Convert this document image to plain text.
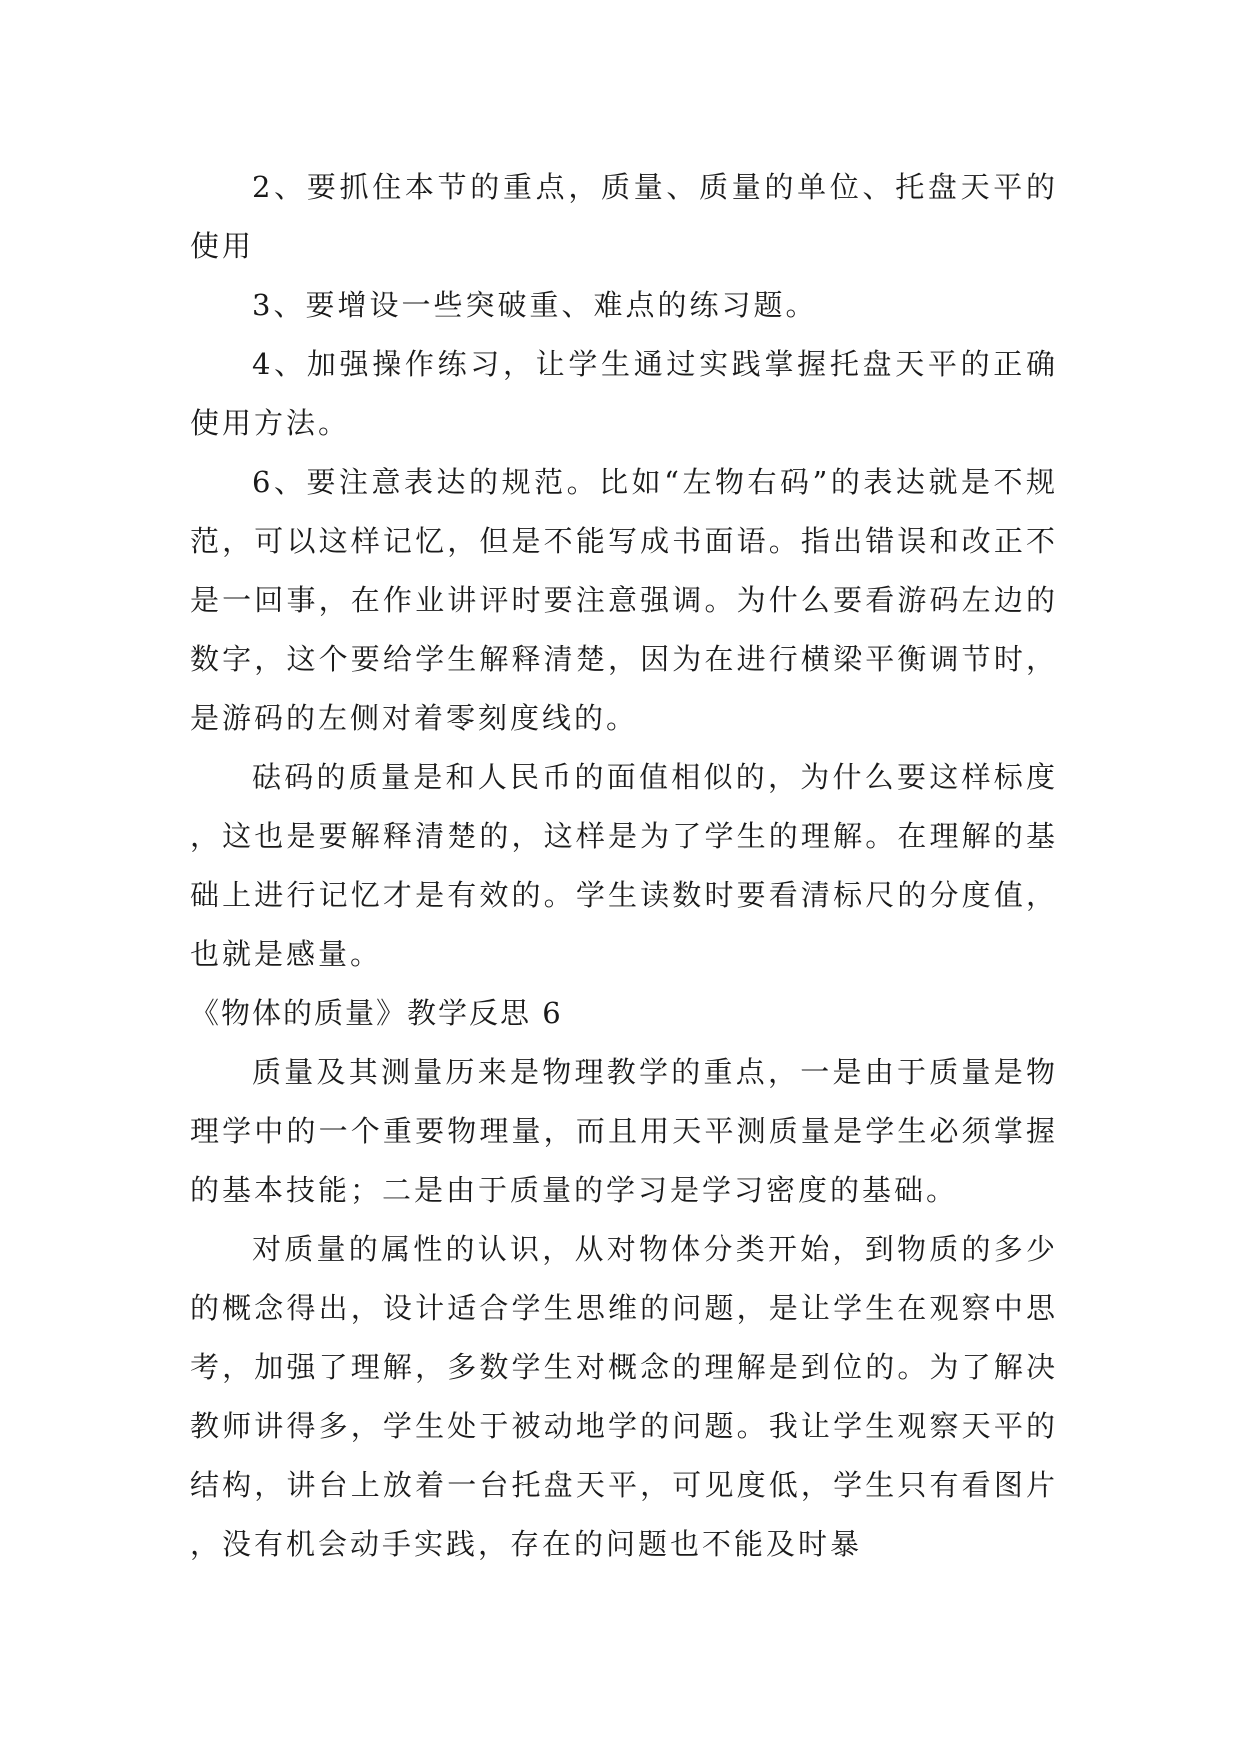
2、要抓住本节的重点，质量、质量的单位、托盘天平的使用

3、要增设一些突破重、难点的练习题。

4、加强操作练习，让学生通过实践掌握托盘天平的正确使用方法。

6、要注意表达的规范。比如“左物右码”的表达就是不规范，可以这样记忆，但是不能写成书面语。指出错误和改正不是一回事，在作业讲评时要注意强调。为什么要看游码左边的数字，这个要给学生解释清楚，因为在进行横梁平衡调节时，是游码的左侧对着零刻度线的。

砝码的质量是和人民币的面值相似的，为什么要这样标度，这也是要解释清楚的，这样是为了学生的理解。在理解的基础上进行记忆才是有效的。学生读数时要看清标尺的分度值，也就是感量。

《物体的质量》教学反思 6

质量及其测量历来是物理教学的重点，一是由于质量是物理学中的一个重要物理量，而且用天平测质量是学生必须掌握的基本技能；二是由于质量的学习是学习密度的基础。

对质量的属性的认识，从对物体分类开始，到物质的多少的概念得出，设计适合学生思维的问题，是让学生在观察中思考，加强了理解，多数学生对概念的理解是到位的。为了解决教师讲得多，学生处于被动地学的问题。我让学生观察天平的结构，讲台上放着一台托盘天平，可见度低，学生只有看图片，没有机会动手实践，存在的问题也不能及时暴
